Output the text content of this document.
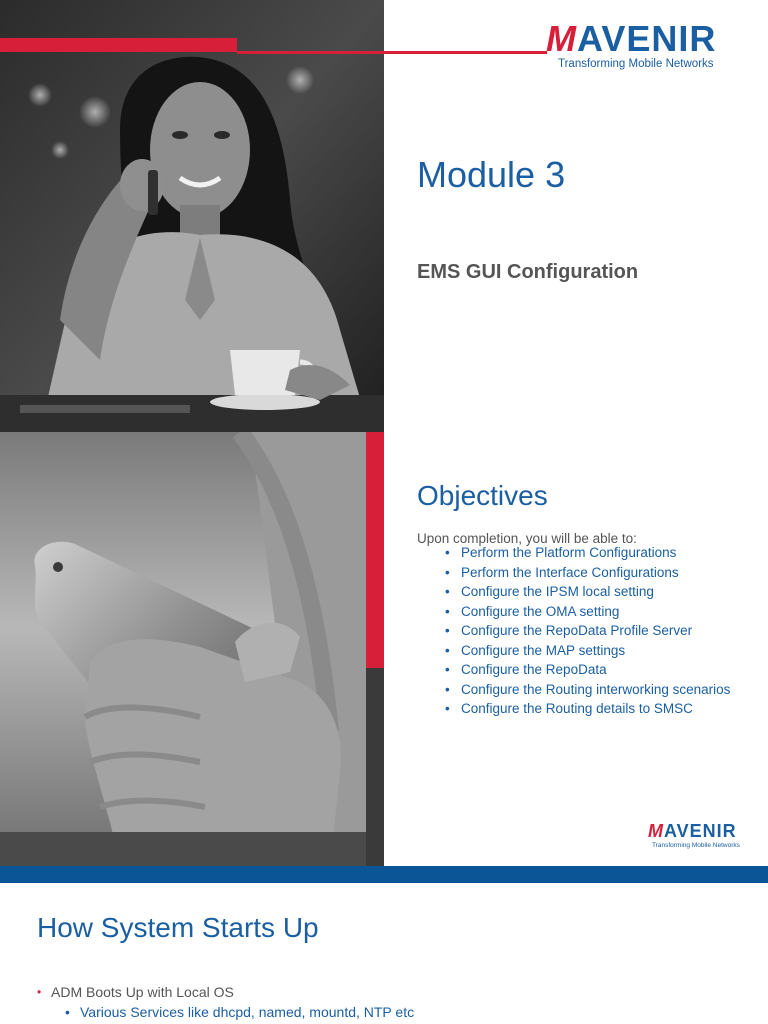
MAVENIR
Transforming Mobile Networks
Module 3
EMS GUI Configuration
Objectives
Upon completion, you will be able to:
• Perform the Platform Configurations
• Perform the Interface Configurations
• Configure the IPSM local setting
• Configure the OMA setting
• Configure the RepoData Profile Server
• Configure the MAP settings
• Configure the RepoData
• Configure the Routing interworking scenarios
• Configure the Routing details to SMSC
MAVENIR
Transforming Mobile Networks
How System Starts Up
• ADM Boots Up with Local OS
• Various Services like dhcpd, named, mountd, NTP etc
